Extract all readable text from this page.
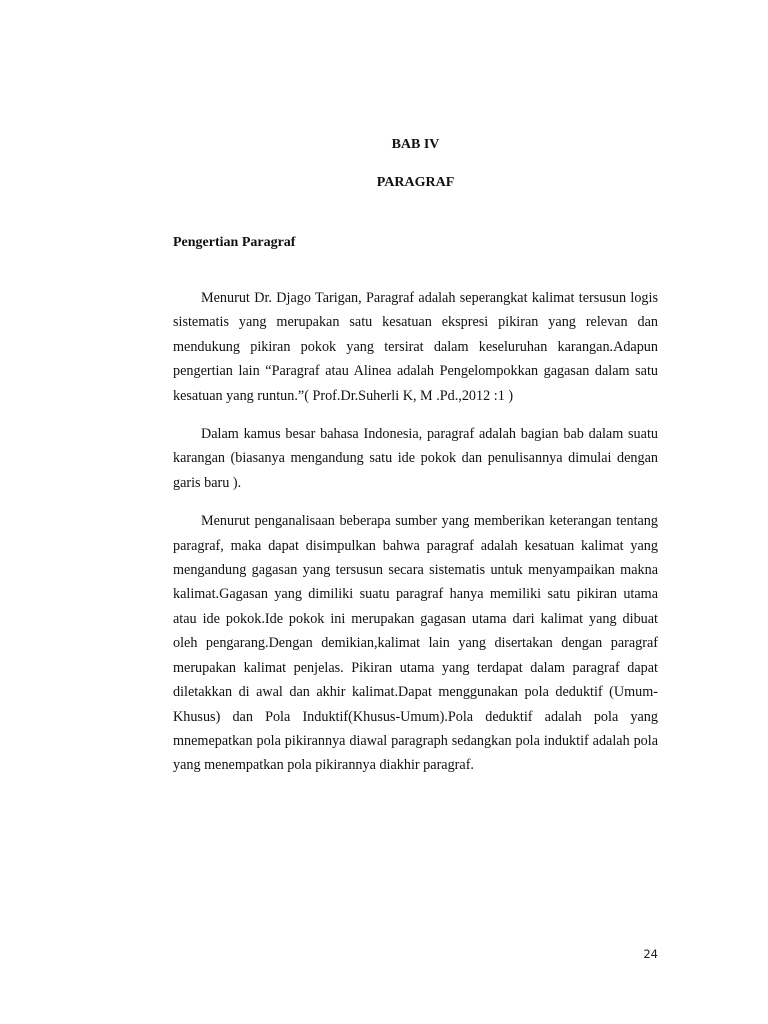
BAB IV
PARAGRAF
Pengertian Paragraf

Menurut Dr. Djago Tarigan, Paragraf adalah seperangkat kalimat tersusun logis sistematis yang merupakan satu kesatuan ekspresi pikiran yang relevan dan mendukung pikiran pokok yang tersirat dalam keseluruhan karangan.Adapun pengertian lain “Paragraf atau Alinea adalah Pengelompokkan gagasan dalam satu kesatuan yang runtun.”( Prof.Dr.Suherli K, M .Pd.,2012 :1 )

Dalam kamus besar bahasa Indonesia, paragraf adalah bagian bab dalam suatu karangan (biasanya mengandung satu ide pokok dan penulisannya dimulai dengan garis baru ).

Menurut penganalisaan beberapa sumber yang memberikan keterangan tentang paragraf, maka dapat disimpulkan bahwa paragraf adalah kesatuan kalimat yang mengandung gagasan yang tersusun secara sistematis untuk menyampaikan makna kalimat.Gagasan yang dimiliki suatu paragraf hanya memiliki satu pikiran utama atau ide pokok.Ide pokok ini merupakan gagasan utama dari kalimat yang dibuat oleh pengarang.Dengan demikian,kalimat lain yang disertakan dengan paragraf merupakan kalimat penjelas. Pikiran utama yang terdapat dalam paragraf dapat diletakkan di awal dan akhir kalimat.Dapat menggunakan pola deduktif (Umum-Khusus) dan Pola Induktif(Khusus-Umum).Pola deduktif adalah pola yang mnemepatkan pola pikirannya diawal paragraph sedangkan pola induktif adalah pola yang menempatkan pola pikirannya diakhir paragraf.

24
